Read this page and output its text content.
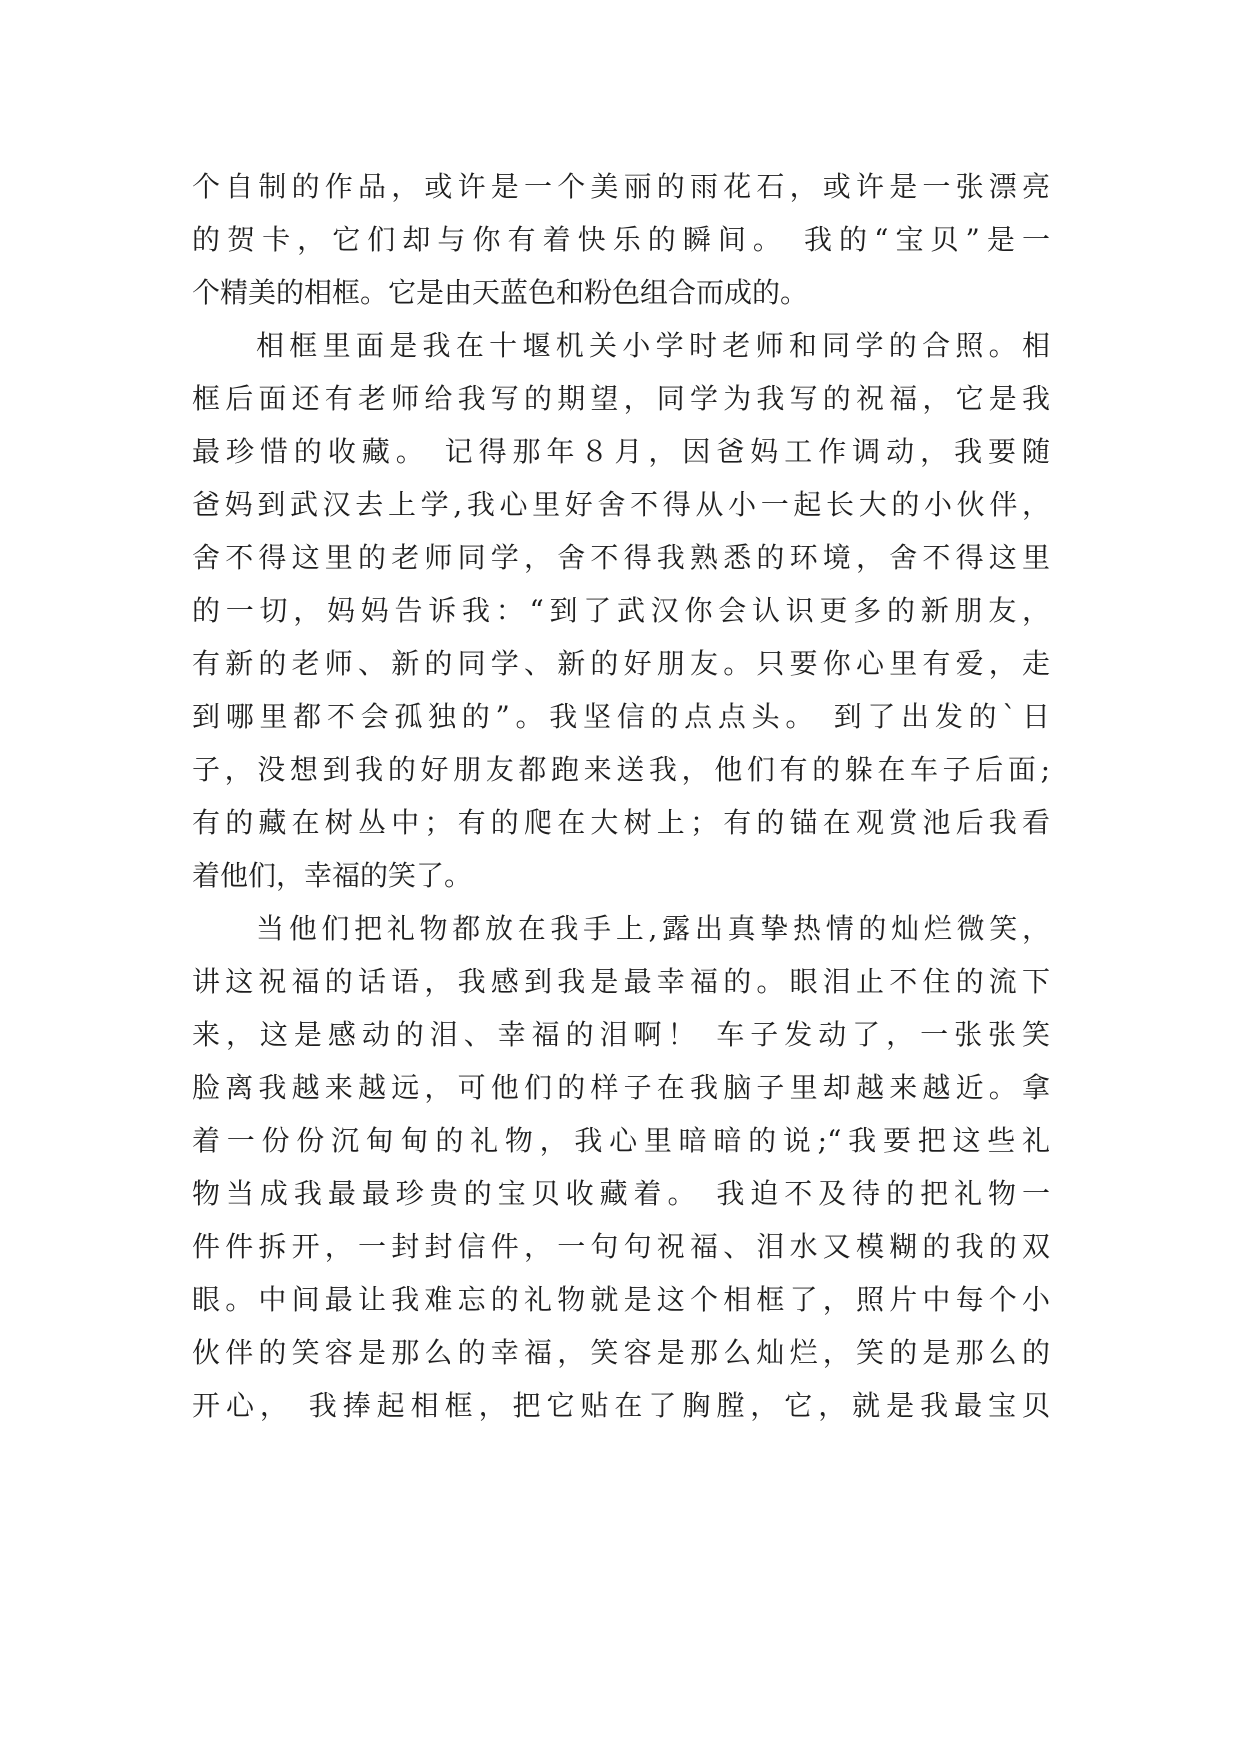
个自制的作品，或许是一个美丽的雨花石，或许是一张漂亮
的贺卡，它们却与你有着快乐的瞬间。 我的“宝贝”是一
个精美的相框。它是由天蓝色和粉色组合而成的。
相框里面是我在十堰机关小学时老师和同学的合照。相
框后面还有老师给我写的期望，同学为我写的祝福，它是我
最珍惜的收藏。 记得那年８月，因爸妈工作调动，我要随
爸妈到武汉去上学,我心里好舍不得从小一起长大的小伙伴，
舍不得这里的老师同学，舍不得我熟悉的环境，舍不得这里
的一切，妈妈告诉我：“到了武汉你会认识更多的新朋友，
有新的老师、新的同学、新的好朋友。只要你心里有爱，走
到哪里都不会孤独的”。我坚信的点点头。 到了出发的`日
子，没想到我的好朋友都跑来送我，他们有的躲在车子后面;
有的藏在树丛中；有的爬在大树上；有的锚在观赏池后我看
着他们，幸福的笑了。
当他们把礼物都放在我手上,露出真挚热情的灿烂微笑，
讲这祝福的话语，我感到我是最幸福的。眼泪止不住的流下
来，这是感动的泪、幸福的泪啊！ 车子发动了，一张张笑
脸离我越来越远，可他们的样子在我脑子里却越来越近。拿
着一份份沉甸甸的礼物，我心里暗暗的说;“我要把这些礼
物当成我最最珍贵的宝贝收藏着。 我迫不及待的把礼物一
件件拆开，一封封信件，一句句祝福、泪水又模糊的我的双
眼。中间最让我难忘的礼物就是这个相框了，照片中每个小
伙伴的笑容是那么的幸福，笑容是那么灿烂，笑的是那么的
开心， 我捧起相框，把它贴在了胸膛，它，就是我最宝贝
